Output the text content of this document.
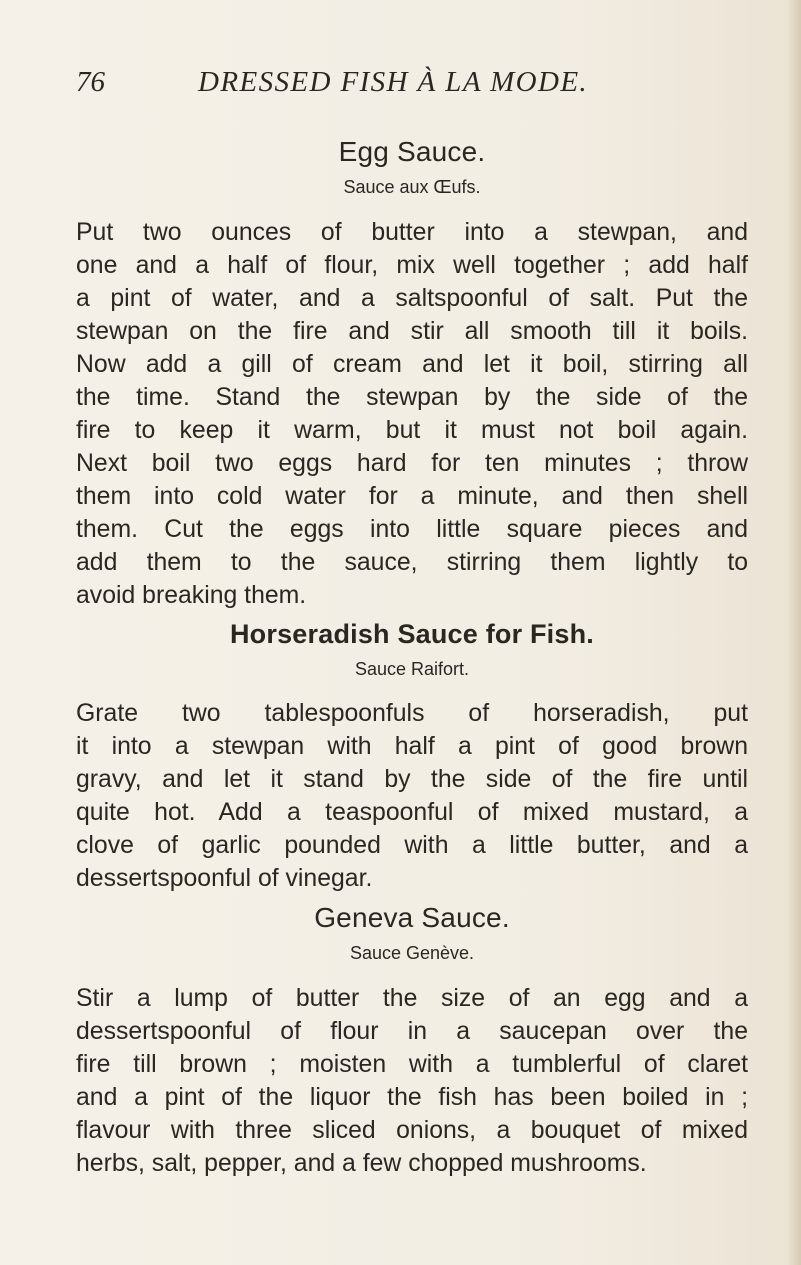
76	DRESSED FISH À LA MODE.
Egg Sauce.
Sauce aux Œufs.
Put two ounces of butter into a stewpan, and
one and a half of flour, mix well together ; add half
a pint of water, and a saltspoonful of salt. Put the
stewpan on the fire and stir all smooth till it boils.
Now add a gill of cream and let it boil, stirring all
the time. Stand the stewpan by the side of the
fire to keep it warm, but it must not boil again.
Next boil two eggs hard for ten minutes ; throw
them into cold water for a minute, and then shell
them. Cut the eggs into little square pieces and
add them to the sauce, stirring them lightly to
avoid breaking them.
Horseradish Sauce for Fish.
Sauce Raifort.
Grate two tablespoonfuls of horseradish, put
it into a stewpan with half a pint of good brown
gravy, and let it stand by the side of the fire until
quite hot. Add a teaspoonful of mixed mustard, a
clove of garlic pounded with a little butter, and a
dessertspoonful of vinegar.
Geneva Sauce.
Sauce Genève.
Stir a lump of butter the size of an egg and a
dessertspoonful of flour in a saucepan over the
fire till brown ; moisten with a tumblerful of claret
and a pint of the liquor the fish has been boiled in ;
flavour with three sliced onions, a bouquet of mixed
herbs, salt, pepper, and a few chopped mushrooms.
